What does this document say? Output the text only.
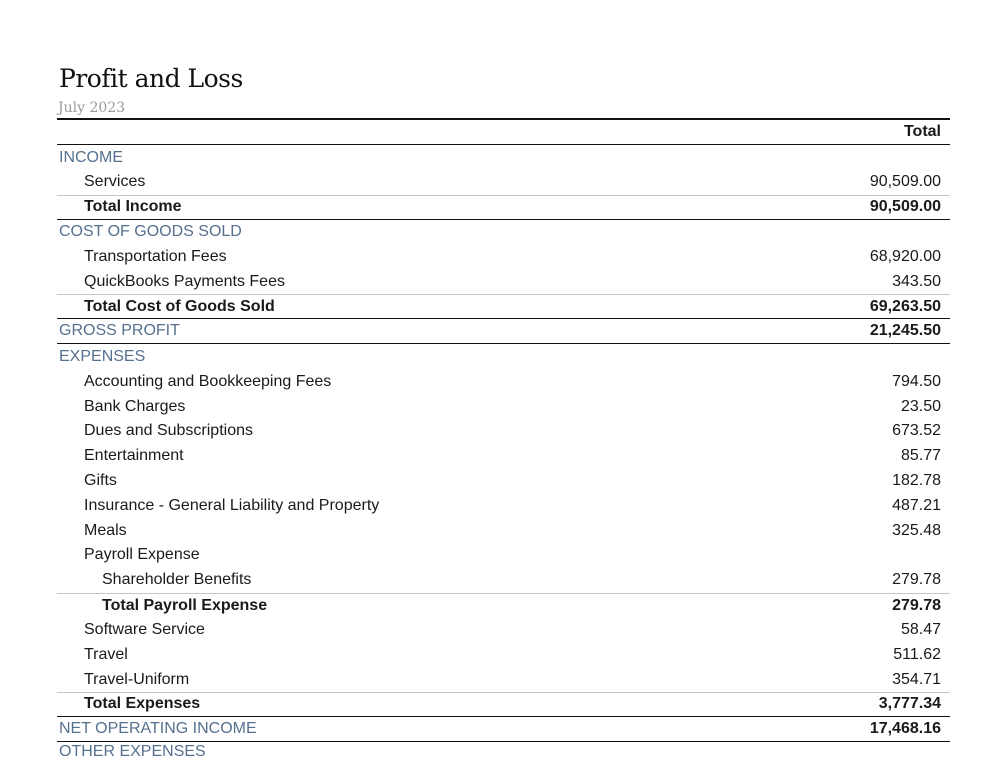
Profit and Loss
July 2023
Total
INCOME
Services	90,509.00
Total Income	90,509.00
COST OF GOODS SOLD
Transportation Fees	68,920.00
QuickBooks Payments Fees	343.50
Total Cost of Goods Sold	69,263.50
GROSS PROFIT	21,245.50
EXPENSES
Accounting and Bookkeeping Fees	794.50
Bank Charges	23.50
Dues and Subscriptions	673.52
Entertainment	85.77
Gifts	182.78
Insurance - General Liability and Property	487.21
Meals	325.48
Payroll Expense
Shareholder Benefits	279.78
Total Payroll Expense	279.78
Software Service	58.47
Travel	511.62
Travel-Uniform	354.71
Total Expenses	3,777.34
NET OPERATING INCOME	17,468.16
OTHER EXPENSES
